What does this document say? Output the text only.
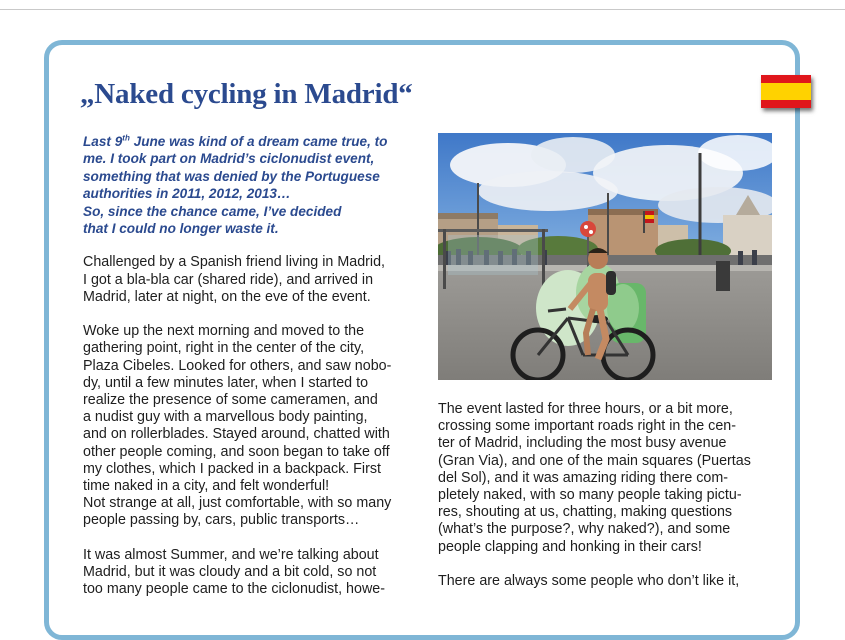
„Naked cycling in Madrid“

Last 9th June was kind of a dream came true, to
me. I took part on Madrid’s ciclonudist event,
something that was denied by the Portuguese
authorities in 2011, 2012, 2013…
So, since the chance came, I’ve decided
that I could no longer waste it.

Challenged by a Spanish friend living in Madrid,
I got a bla-bla car (shared ride), and arrived in
Madrid, later at night, on the eve of the event.

Woke up the next morning and moved to the
gathering point, right in the center of the city,
Plaza Cibeles. Looked for others, and saw nobo-
dy, until a few minutes later, when I started to
realize the presence of some cameramen, and
a nudist guy with a marvellous body painting,
and on rollerblades. Stayed around, chatted with
other people coming, and soon began to take off
my clothes, which I packed in a backpack. First
time naked in a city, and felt wonderful!
Not strange at all, just comfortable, with so many
people passing by, cars, public transports…

It was almost Summer, and we’re talking about
Madrid, but it was cloudy and a bit cold, so not
too many people came to the ciclonudist, howe-

The event lasted for three hours, or a bit more,
crossing some important roads right in the cen-
ter of Madrid, including the most busy avenue
(Gran Via), and one of the main squares (Puertas
del Sol), and it was amazing riding there com-
pletely naked, with so many people taking pictu-
res, shouting at us, chatting, making questions
(what’s the purpose?, why naked?), and some
people clapping and honking in their cars!

There are always some people who don’t like it,
